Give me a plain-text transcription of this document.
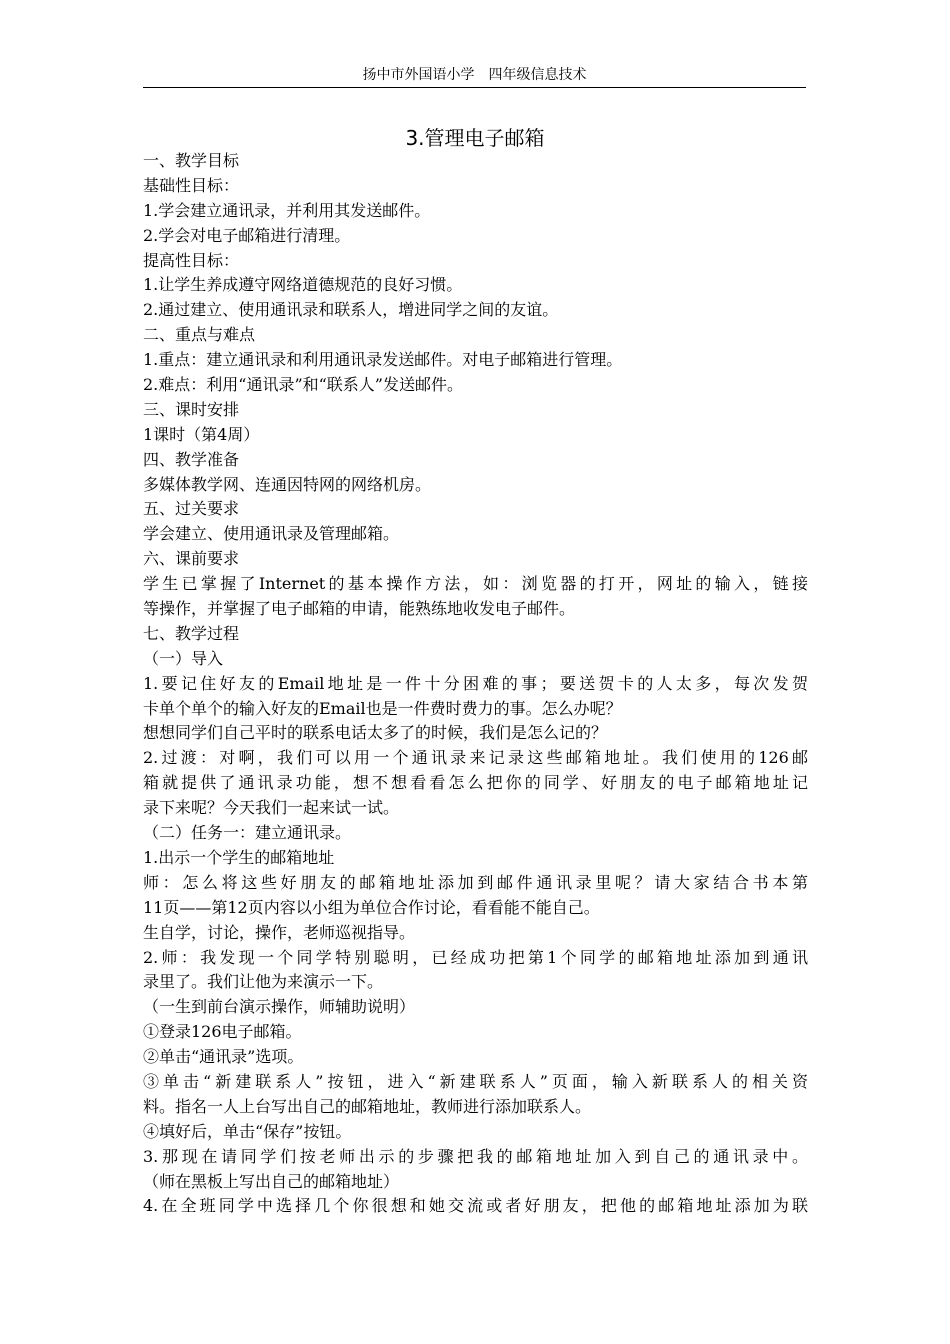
扬中市外国语小学　四年级信息技术
3.管理电子邮箱

一、教学目标

基础性目标：

1.学会建立通讯录，并利用其发送邮件。

2.学会对电子邮箱进行清理。

提高性目标：

1.让学生养成遵守网络道德规范的良好习惯。

2.通过建立、使用通讯录和联系人，增进同学之间的友谊。

二、重点与难点

1.重点：建立通讯录和利用通讯录发送邮件。对电子邮箱进行管理。

2.难点：利用“通讯录”和“联系人”发送邮件。

三、课时安排

1课时（第4周）

四、教学准备

多媒体教学网、连通因特网的网络机房。

五、过关要求

学会建立、使用通讯录及管理邮箱。

六、课前要求

学生已掌握了Internet的基本操作方法，如：浏览器的打开，网址的输入，链接

等操作，并掌握了电子邮箱的申请，能熟练地收发电子邮件。

七、教学过程

（一）导入

1.要记住好友的Email地址是一件十分困难的事；要送贺卡的人太多，每次发贺

卡单个单个的输入好友的Email也是一件费时费力的事。怎么办呢？

想想同学们自己平时的联系电话太多了的时候，我们是怎么记的？

2.过渡：对啊，我们可以用一个通讯录来记录这些邮箱地址。我们使用的126邮

箱就提供了通讯录功能，想不想看看怎么把你的同学、好朋友的电子邮箱地址记

录下来呢？今天我们一起来试一试。

（二）任务一：建立通讯录。

1.出示一个学生的邮箱地址

师：怎么将这些好朋友的邮箱地址添加到邮件通讯录里呢？请大家结合书本第

11页——第12页内容以小组为单位合作讨论，看看能不能自己。

生自学，讨论，操作，老师巡视指导。

2.师：我发现一个同学特别聪明，已经成功把第1个同学的邮箱地址添加到通讯

录里了。我们让他为来演示一下。

（一生到前台演示操作，师辅助说明）

①登录126电子邮箱。

②单击“通讯录”选项。

③单击“新建联系人”按钮，进入“新建联系人”页面，输入新联系人的相关资

料。指名一人上台写出自己的邮箱地址，教师进行添加联系人。

④填好后，单击“保存”按钮。

3.那现在请同学们按老师出示的步骤把我的邮箱地址加入到自己的通讯录中。

（师在黑板上写出自己的邮箱地址）

4.在全班同学中选择几个你很想和她交流或者好朋友，把他的邮箱地址添加为联
